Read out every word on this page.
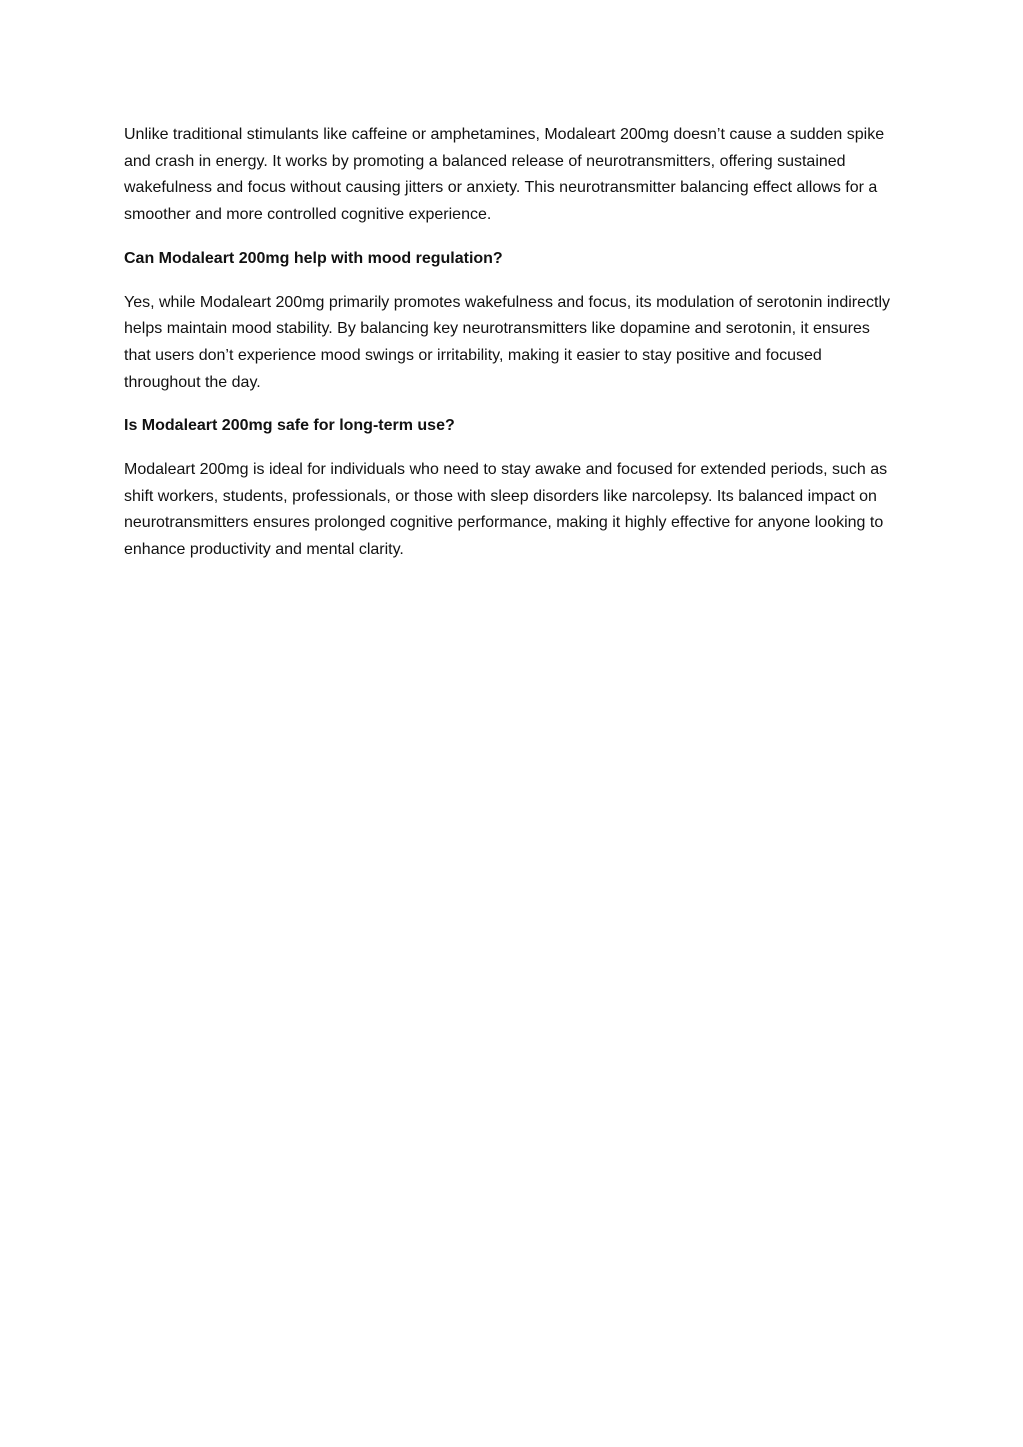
Unlike traditional stimulants like caffeine or amphetamines, Modaleart 200mg doesn’t cause a sudden spike and crash in energy. It works by promoting a balanced release of neurotransmitters, offering sustained wakefulness and focus without causing jitters or anxiety. This neurotransmitter balancing effect allows for a smoother and more controlled cognitive experience.

Can Modaleart 200mg help with mood regulation?

Yes, while Modaleart 200mg primarily promotes wakefulness and focus, its modulation of serotonin indirectly helps maintain mood stability. By balancing key neurotransmitters like dopamine and serotonin, it ensures that users don’t experience mood swings or irritability, making it easier to stay positive and focused throughout the day.

Is Modaleart 200mg safe for long-term use?

Modaleart 200mg is ideal for individuals who need to stay awake and focused for extended periods, such as shift workers, students, professionals, or those with sleep disorders like narcolepsy. Its balanced impact on neurotransmitters ensures prolonged cognitive performance, making it highly effective for anyone looking to enhance productivity and mental clarity.
